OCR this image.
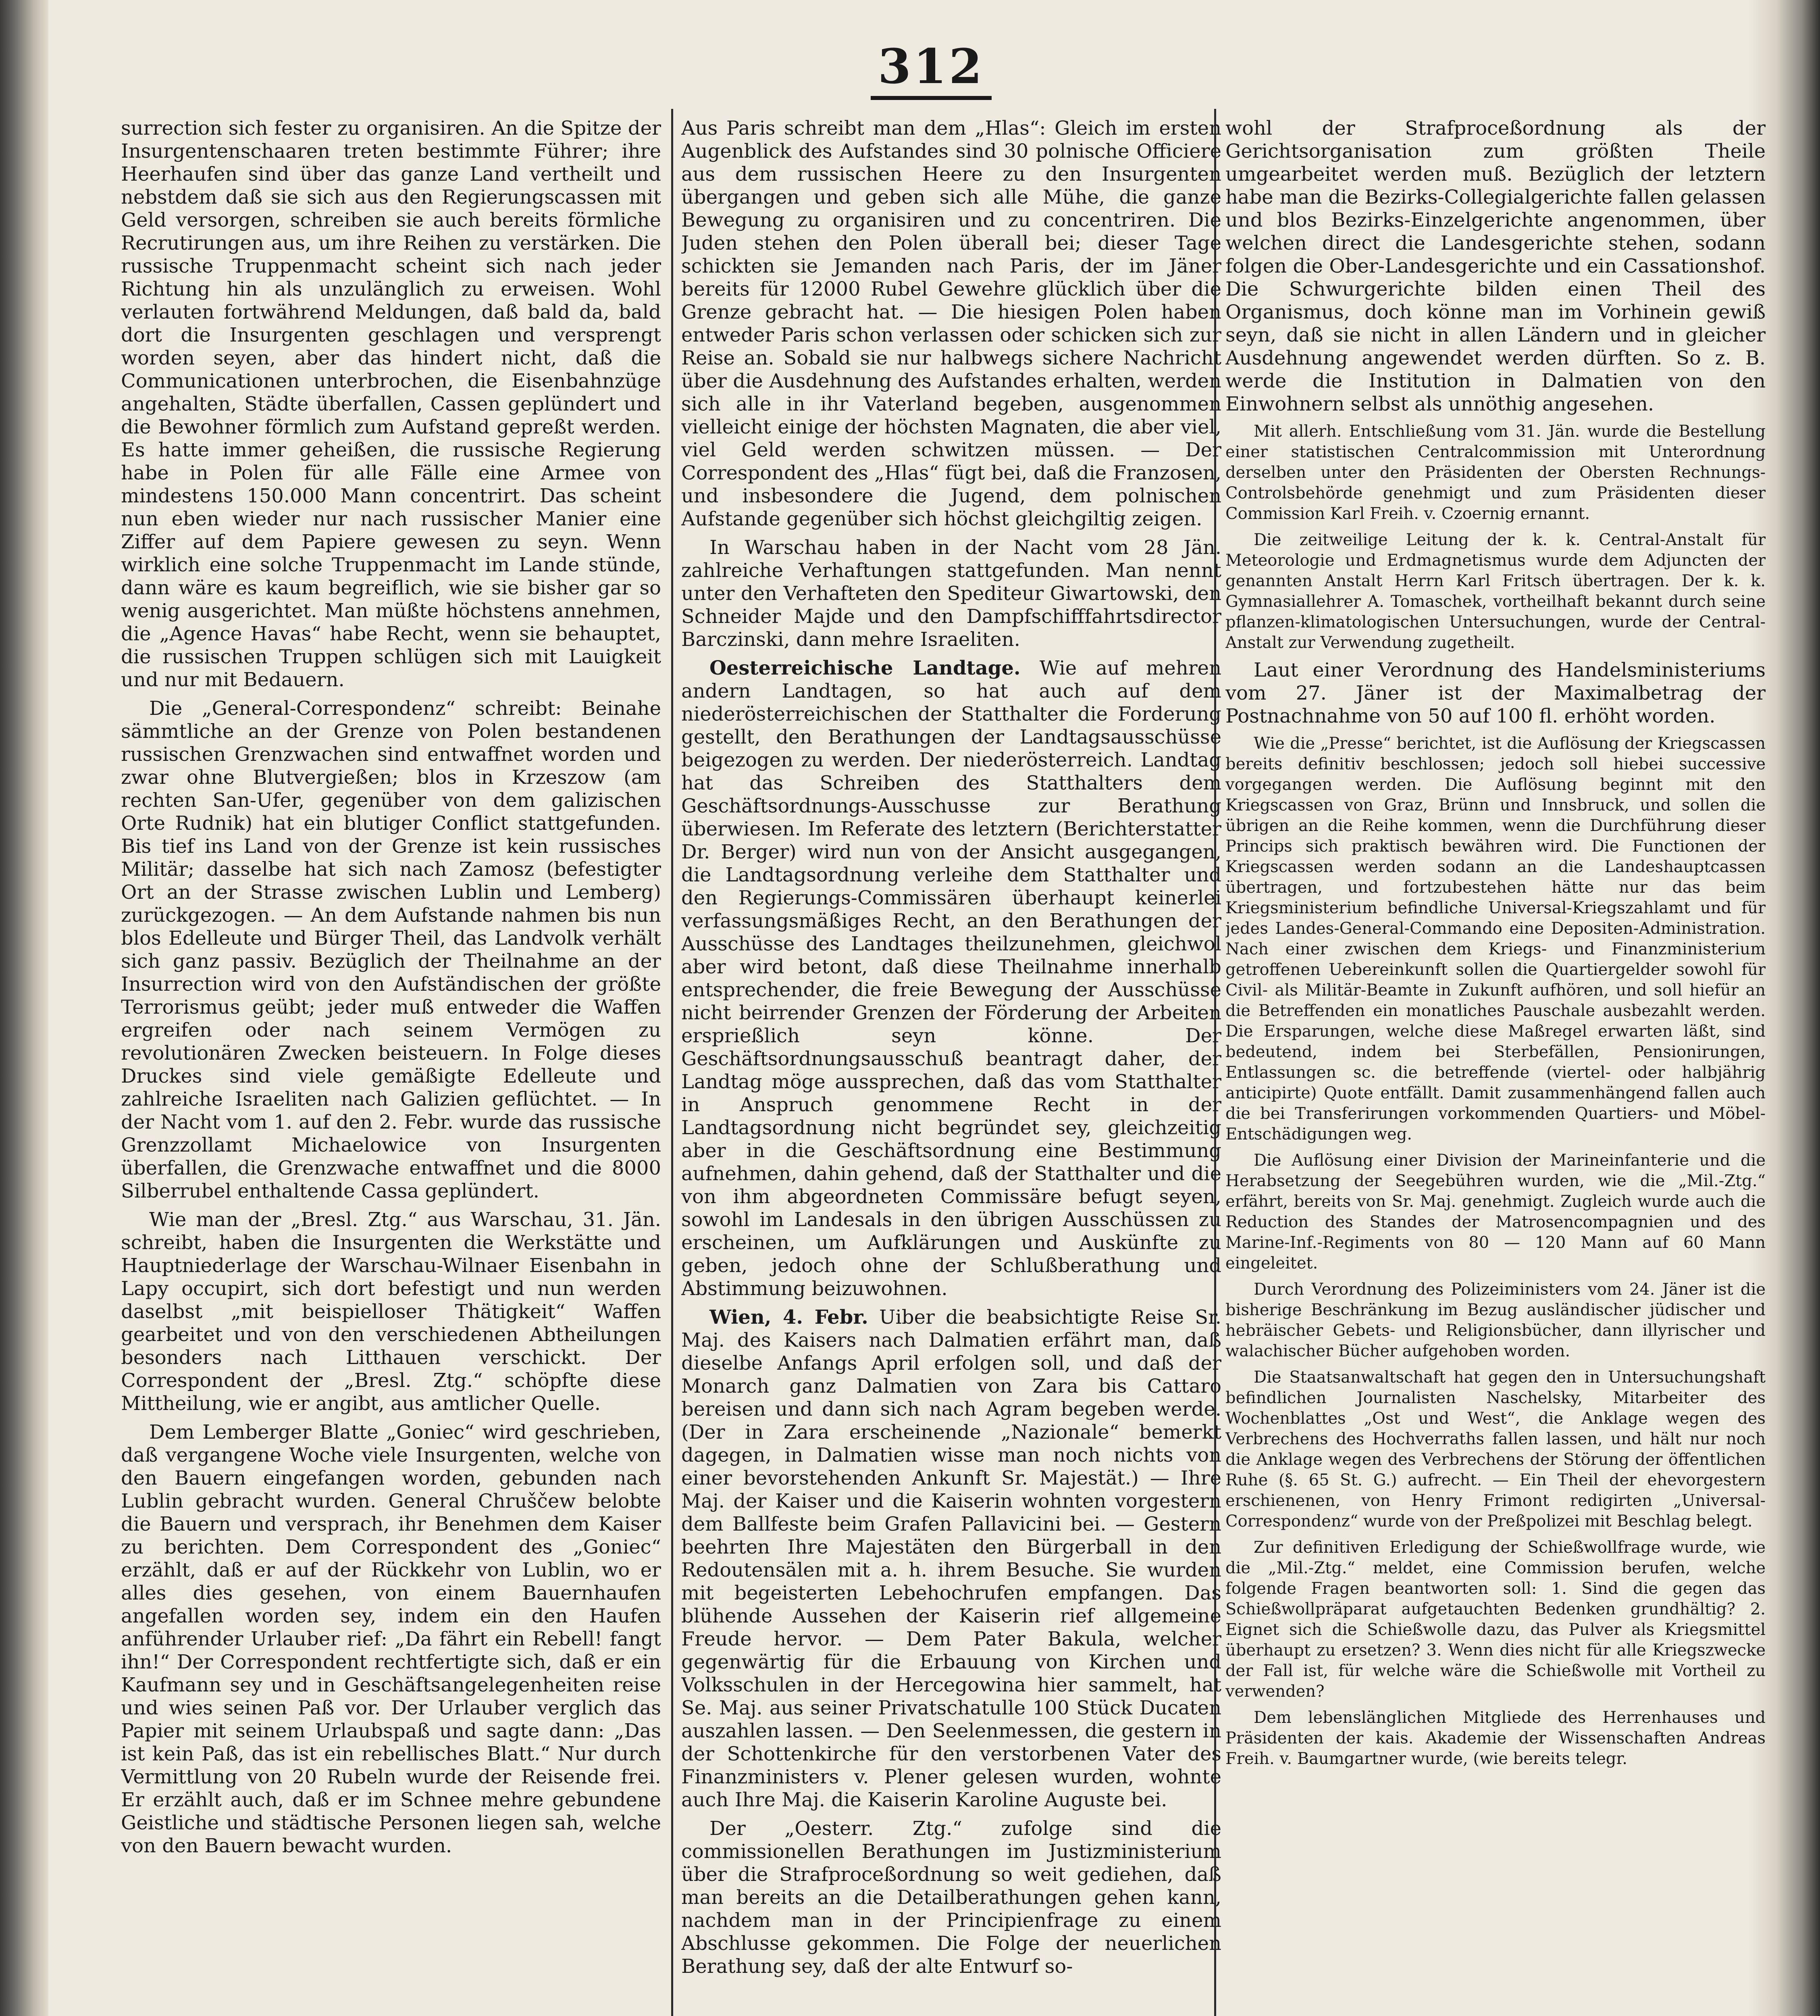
312

surrection sich fester zu organisiren. An die Spitze der Insurgentenschaaren treten bestimmte Führer; ihre Heerhaufen sind über das ganze Land vertheilt und nebstdem daß sie sich aus den Regierungscassen mit Geld versorgen, schreiben sie auch bereits förmliche Recrutirungen aus, um ihre Reihen zu verstärken. Die russische Truppenmacht scheint sich nach jeder Richtung hin als unzulänglich zu erweisen. Wohl verlauten fortwährend Meldungen, daß bald da, bald dort die Insurgenten geschlagen und versprengt worden seyen, aber das hindert nicht, daß die Communicationen unterbrochen, die Eisenbahnzüge angehalten, Städte überfallen, Cassen geplündert und die Bewohner förmlich zum Aufstand gepreßt werden. Es hatte immer geheißen, die russische Regierung habe in Polen für alle Fälle eine Armee von mindestens 150.000 Mann concentrirt. Das scheint nun eben wieder nur nach russischer Manier eine Ziffer auf dem Papiere gewesen zu seyn. Wenn wirklich eine solche Truppenmacht im Lande stünde, dann wäre es kaum begreiflich, wie sie bisher gar so wenig ausgerichtet. Man müßte höchstens annehmen, die „Agence Havas“ habe Recht, wenn sie behauptet, die russischen Truppen schlügen sich mit Lauigkeit und nur mit Bedauern.

Die „General-Correspondenz“ schreibt: Beinahe sämmtliche an der Grenze von Polen bestandenen russischen Grenzwachen sind entwaffnet worden und zwar ohne Blutvergießen; blos in Krzeszow (am rechten San-Ufer, gegenüber von dem galizischen Orte Rudnik) hat ein blutiger Conflict stattgefunden. Bis tief ins Land von der Grenze ist kein russisches Militär; dasselbe hat sich nach Zamosz (befestigter Ort an der Strasse zwischen Lublin und Lemberg) zurückgezogen. — An dem Aufstande nahmen bis nun blos Edelleute und Bürger Theil, das Landvolk verhält sich ganz passiv. Bezüglich der Theilnahme an der Insurrection wird von den Aufständischen der größte Terrorismus geübt; jeder muß entweder die Waffen ergreifen oder nach seinem Vermögen zu revolutionären Zwecken beisteuern. In Folge dieses Druckes sind viele gemäßigte Edelleute und zahlreiche Israeliten nach Galizien geflüchtet. — In der Nacht vom 1. auf den 2. Febr. wurde das russische Grenzzollamt Michaelowice von Insurgenten überfallen, die Grenzwache entwaffnet und die 8000 Silberrubel enthaltende Cassa geplündert.

Wie man der „Bresl. Ztg.“ aus Warschau, 31. Jän. schreibt, haben die Insurgenten die Werkstätte und Hauptniederlage der Warschau-Wilnaer Eisenbahn in Lapy occupirt, sich dort befestigt und nun werden daselbst „mit beispielloser Thätigkeit“ Waffen gearbeitet und von den verschiedenen Abtheilungen besonders nach Litthauen verschickt. Der Correspondent der „Bresl. Ztg.“ schöpfte diese Mittheilung, wie er angibt, aus amtlicher Quelle.

Dem Lemberger Blatte „Goniec“ wird geschrieben, daß vergangene Woche viele Insurgenten, welche von den Bauern eingefangen worden, gebunden nach Lublin gebracht wurden. General Chruščew belobte die Bauern und versprach, ihr Benehmen dem Kaiser zu berichten. Dem Correspondent des „Goniec“ erzählt, daß er auf der Rückkehr von Lublin, wo er alles dies gesehen, von einem Bauernhaufen angefallen worden sey, indem ein den Haufen anführender Urlauber rief: „Da fährt ein Rebell! fangt ihn!“ Der Correspondent rechtfertigte sich, daß er ein Kaufmann sey und in Geschäftsangelegenheiten reise und wies seinen Paß vor. Der Urlauber verglich das Papier mit seinem Urlaubspaß und sagte dann: „Das ist kein Paß, das ist ein rebellisches Blatt.“ Nur durch Vermittlung von 20 Rubeln wurde der Reisende frei. Er erzählt auch, daß er im Schnee mehre gebundene Geistliche und städtische Personen liegen sah, welche von den Bauern bewacht wurden.

Aus Paris schreibt man dem „Hlas“: Gleich im ersten Augenblick des Aufstandes sind 30 polnische Officiere aus dem russischen Heere zu den Insurgenten übergangen und geben sich alle Mühe, die ganze Bewegung zu organisiren und zu concentriren. Die Juden stehen den Polen überall bei; dieser Tage schickten sie Jemanden nach Paris, der im Jäner bereits für 12000 Rubel Gewehre glücklich über die Grenze gebracht hat. — Die hiesigen Polen haben entweder Paris schon verlassen oder schicken sich zur Reise an. Sobald sie nur halbwegs sichere Nachricht über die Ausdehnung des Aufstandes erhalten, werden sich alle in ihr Vaterland begeben, ausgenommen vielleicht einige der höchsten Magnaten, die aber viel, viel Geld werden schwitzen müssen. — Der Correspondent des „Hlas“ fügt bei, daß die Franzosen, und insbesondere die Jugend, dem polnischen Aufstande gegenüber sich höchst gleichgiltig zeigen.

In Warschau haben in der Nacht vom 28 Jän. zahlreiche Verhaftungen stattgefunden. Man nennt unter den Verhafteten den Spediteur Giwartowski, den Schneider Majde und den Dampfschifffahrtsdirector Barczinski, dann mehre Israeliten.

Oesterreichische Landtage. Wie auf mehren andern Landtagen, so hat auch auf dem niederösterreichischen der Statthalter die Forderung gestellt, den Berathungen der Landtagsausschüsse beigezogen zu werden. Der niederösterreich. Landtag hat das Schreiben des Statthalters dem Geschäftsordnungs-Ausschusse zur Berathung überwiesen. Im Referate des letztern (Berichterstatter Dr. Berger) wird nun von der Ansicht ausgegangen, die Landtagsordnung verleihe dem Statthalter und den Regierungs-Commissären überhaupt keinerlei verfassungsmäßiges Recht, an den Berathungen der Ausschüsse des Landtages theilzunehmen, gleichwol aber wird betont, daß diese Theilnahme innerhalb entsprechender, die freie Bewegung der Ausschüsse nicht beirrender Grenzen der Förderung der Arbeiten ersprießlich seyn könne. Der Geschäftsordnungsausschuß beantragt daher, der Landtag möge aussprechen, daß das vom Statthalter in Anspruch genommene Recht in der Landtagsordnung nicht begründet sey, gleichzeitig aber in die Geschäftsordnung eine Bestimmung aufnehmen, dahin gehend, daß der Statthalter und die von ihm abgeordneten Commissäre befugt seyen, sowohl im Landesals in den übrigen Ausschüssen zu erscheinen, um Aufklärungen und Auskünfte zu geben, jedoch ohne der Schlußberathung und Abstimmung beizuwohnen.

Wien, 4. Febr. Uiber die beabsichtigte Reise Sr. Maj. des Kaisers nach Dalmatien erfährt man, daß dieselbe Anfangs April erfolgen soll, und daß der Monarch ganz Dalmatien von Zara bis Cattaro bereisen und dann sich nach Agram begeben werde. (Der in Zara erscheinende „Nazionale“ bemerkt dagegen, in Dalmatien wisse man noch nichts von einer bevorstehenden Ankunft Sr. Majestät.) — Ihre Maj. der Kaiser und die Kaiserin wohnten vorgestern dem Ballfeste beim Grafen Pallavicini bei. — Gestern beehrten Ihre Majestäten den Bürgerball in den Redoutensälen mit a. h. ihrem Besuche. Sie wurden mit begeisterten Lebehochrufen empfangen. Das blühende Aussehen der Kaiserin rief allgemeine Freude hervor. — Dem Pater Bakula, welcher gegenwärtig für die Erbauung von Kirchen und Volksschulen in der Hercegowina hier sammelt, hat Se. Maj. aus seiner Privatschatulle 100 Stück Ducaten auszahlen lassen. — Den Seelenmessen, die gestern in der Schottenkirche für den verstorbenen Vater des Finanzministers v. Plener gelesen wurden, wohnte auch Ihre Maj. die Kaiserin Karoline Auguste bei.

Der „Oesterr. Ztg.“ zufolge sind die commissionellen Berathungen im Justizministerium über die Strafproceßordnung so weit gediehen, daß man bereits an die Detailberathungen gehen kann, nachdem man in der Principienfrage zu einem Abschlusse gekommen. Die Folge der neuerlichen Berathung sey, daß der alte Entwurf so-

wohl der Strafproceßordnung als der Gerichtsorganisation zum größten Theile umgearbeitet werden muß. Bezüglich der letztern habe man die Bezirks-Collegialgerichte fallen gelassen und blos Bezirks-Einzelgerichte angenommen, über welchen direct die Landesgerichte stehen, sodann folgen die Ober-Landesgerichte und ein Cassationshof. Die Schwurgerichte bilden einen Theil des Organismus, doch könne man im Vorhinein gewiß seyn, daß sie nicht in allen Ländern und in gleicher Ausdehnung angewendet werden dürften. So z. B. werde die Institution in Dalmatien von den Einwohnern selbst als unnöthig angesehen.

Mit allerh. Entschließung vom 31. Jän. wurde die Bestellung einer statistischen Centralcommission mit Unterordnung derselben unter den Präsidenten der Obersten Rechnungs-Controlsbehörde genehmigt und zum Präsidenten dieser Commission Karl Freih. v. Czoernig ernannt.

Die zeitweilige Leitung der k. k. Central-Anstalt für Meteorologie und Erdmagnetismus wurde dem Adjuncten der genannten Anstalt Herrn Karl Fritsch übertragen. Der k. k. Gymnasiallehrer A. Tomaschek, vortheilhaft bekannt durch seine pflanzen-klimatologischen Untersuchungen, wurde der Central-Anstalt zur Verwendung zugetheilt.

Laut einer Verordnung des Handelsministeriums vom 27. Jäner ist der Maximalbetrag der Postnachnahme von 50 auf 100 fl. erhöht worden.

Wie die „Presse“ berichtet, ist die Auflösung der Kriegscassen bereits definitiv beschlossen; jedoch soll hiebei successive vorgegangen werden. Die Auflösung beginnt mit den Kriegscassen von Graz, Brünn und Innsbruck, und sollen die übrigen an die Reihe kommen, wenn die Durchführung dieser Princips sich praktisch bewähren wird. Die Functionen der Kriegscassen werden sodann an die Landeshauptcassen übertragen, und fortzubestehen hätte nur das beim Kriegsministerium befindliche Universal-Kriegszahlamt und für jedes Landes-General-Commando eine Depositen-Administration. Nach einer zwischen dem Kriegs- und Finanzministerium getroffenen Uebereinkunft sollen die Quartiergelder sowohl für Civil- als Militär-Beamte in Zukunft aufhören, und soll hiefür an die Betreffenden ein monatliches Pauschale ausbezahlt werden. Die Ersparungen, welche diese Maßregel erwarten läßt, sind bedeutend, indem bei Sterbefällen, Pensionirungen, Entlassungen sc. die betreffende (viertel- oder halbjährig anticipirte) Quote entfällt. Damit zusammenhängend fallen auch die bei Transferirungen vorkommenden Quartiers- und Möbel-Entschädigungen weg.

Die Auflösung einer Division der Marineinfanterie und die Herabsetzung der Seegebühren wurden, wie die „Mil.-Ztg.“ erfährt, bereits von Sr. Maj. genehmigt. Zugleich wurde auch die Reduction des Standes der Matrosencompagnien und des Marine-Inf.-Regiments von 80 — 120 Mann auf 60 Mann eingeleitet.

Durch Verordnung des Polizeiministers vom 24. Jäner ist die bisherige Beschränkung im Bezug ausländischer jüdischer und hebräischer Gebets- und Religionsbücher, dann illyrischer und walachischer Bücher aufgehoben worden.

Die Staatsanwaltschaft hat gegen den in Untersuchungshaft befindlichen Journalisten Naschelsky, Mitarbeiter des Wochenblattes „Ost und West“, die Anklage wegen des Verbrechens des Hochverraths fallen lassen, und hält nur noch die Anklage wegen des Verbrechens der Störung der öffentlichen Ruhe (§. 65 St. G.) aufrecht. — Ein Theil der ehevorgestern erschienenen, von Henry Frimont redigirten „Universal-Correspondenz“ wurde von der Preßpolizei mit Beschlag belegt.

Zur definitiven Erledigung der Schießwollfrage wurde, wie die „Mil.-Ztg.“ meldet, eine Commission berufen, welche folgende Fragen beantworten soll: 1. Sind die gegen das Schießwollpräparat aufgetauchten Bedenken grundhältig? 2. Eignet sich die Schießwolle dazu, das Pulver als Kriegsmittel überhaupt zu ersetzen? 3. Wenn dies nicht für alle Kriegszwecke der Fall ist, für welche wäre die Schießwolle mit Vortheil zu verwenden?

Dem lebenslänglichen Mitgliede des Herrenhauses und Präsidenten der kais. Akademie der Wissenschaften Andreas Freih. v. Baumgartner wurde, (wie bereits telegr.
